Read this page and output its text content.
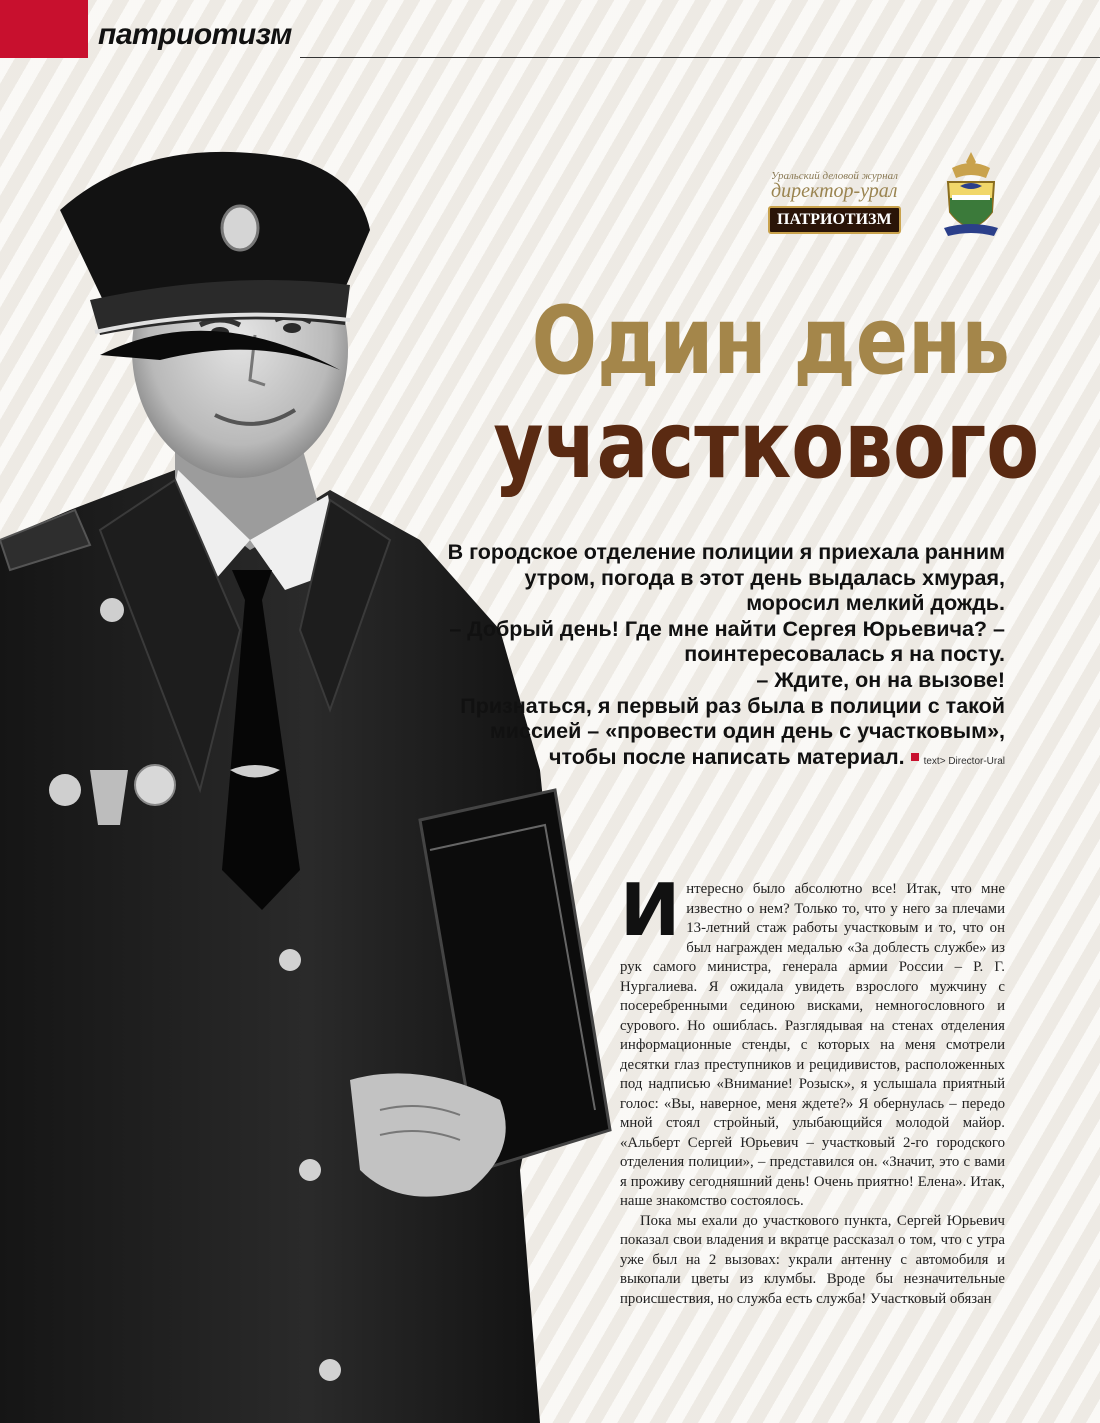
патриотизм
Уральский деловой журнал
директор-урал
ПАТРИОТИЗМ
Один день
участкового

В городское отделение полиции я приехала ранним утром, погода в этот день выдалась хмурая, моросил мелкий дождь.

– Добрый день! Где мне найти Сергея Юрьевича? – поинтересовалась я на посту.

– Ждите, он на вызове!

Признаться, я первый раз была в полиции с такой миссией – «провести один день с участковым», чтобы после написать материал. text> Director-Ural

Интересно было абсолютно все! Итак, что мне известно о нем? Только то, что у него за плечами 13-летний стаж работы участковым и то, что он был награжден медалью «За доблесть службе» из рук самого министра, генерала армии России – Р. Г. Нургалиева. Я ожидала увидеть взрослого мужчину с посеребренными сединою висками, немногословного и сурового. Но ошиблась. Разглядывая на стенах отделения информационные стенды, с которых на меня смотрели десятки глаз преступников и рецидивистов, расположенных под надписью «Внимание! Розыск», я услышала приятный голос: «Вы, наверное, меня ждете?» Я обернулась – передо мной стоял стройный, улыбающийся молодой майор. «Альберт Сергей Юрьевич – участковый 2-го городского отделения полиции», – представился он. «Значит, это с вами я проживу сегодняшний день! Очень приятно! Елена». Итак, наше знакомство состоялось.

Пока мы ехали до участкового пункта, Сергей Юрьевич показал свои владения и вкратце рассказал о том, что с утра уже был на 2 вызовах: украли антенну с автомобиля и выкопали цветы из клумбы. Вроде бы незначительные происшествия, но служба есть служба! Участковый обязан
